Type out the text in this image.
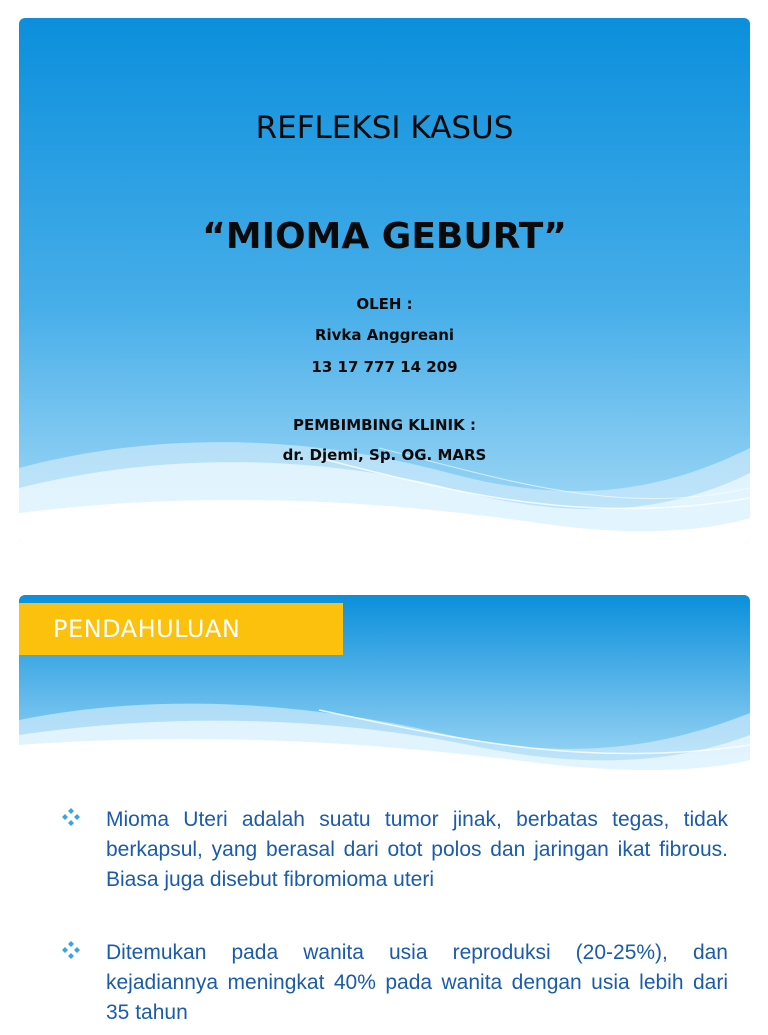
REFLEKSI KASUS
“MIOMA GEBURT”
OLEH :
Rivka Anggreani
13 17 777 14 209
PEMBIMBING KLINIK :
dr. Djemi, Sp. OG. MARS
PENDAHULUAN
Mioma Uteri adalah suatu tumor jinak, berbatas tegas, tidak berkapsul, yang berasal dari otot polos dan jaringan ikat fibrous. Biasa juga disebut fibromioma uteri
Ditemukan pada wanita usia reproduksi (20-25%), dan kejadiannya meningkat 40% pada wanita dengan usia lebih dari 35 tahun
